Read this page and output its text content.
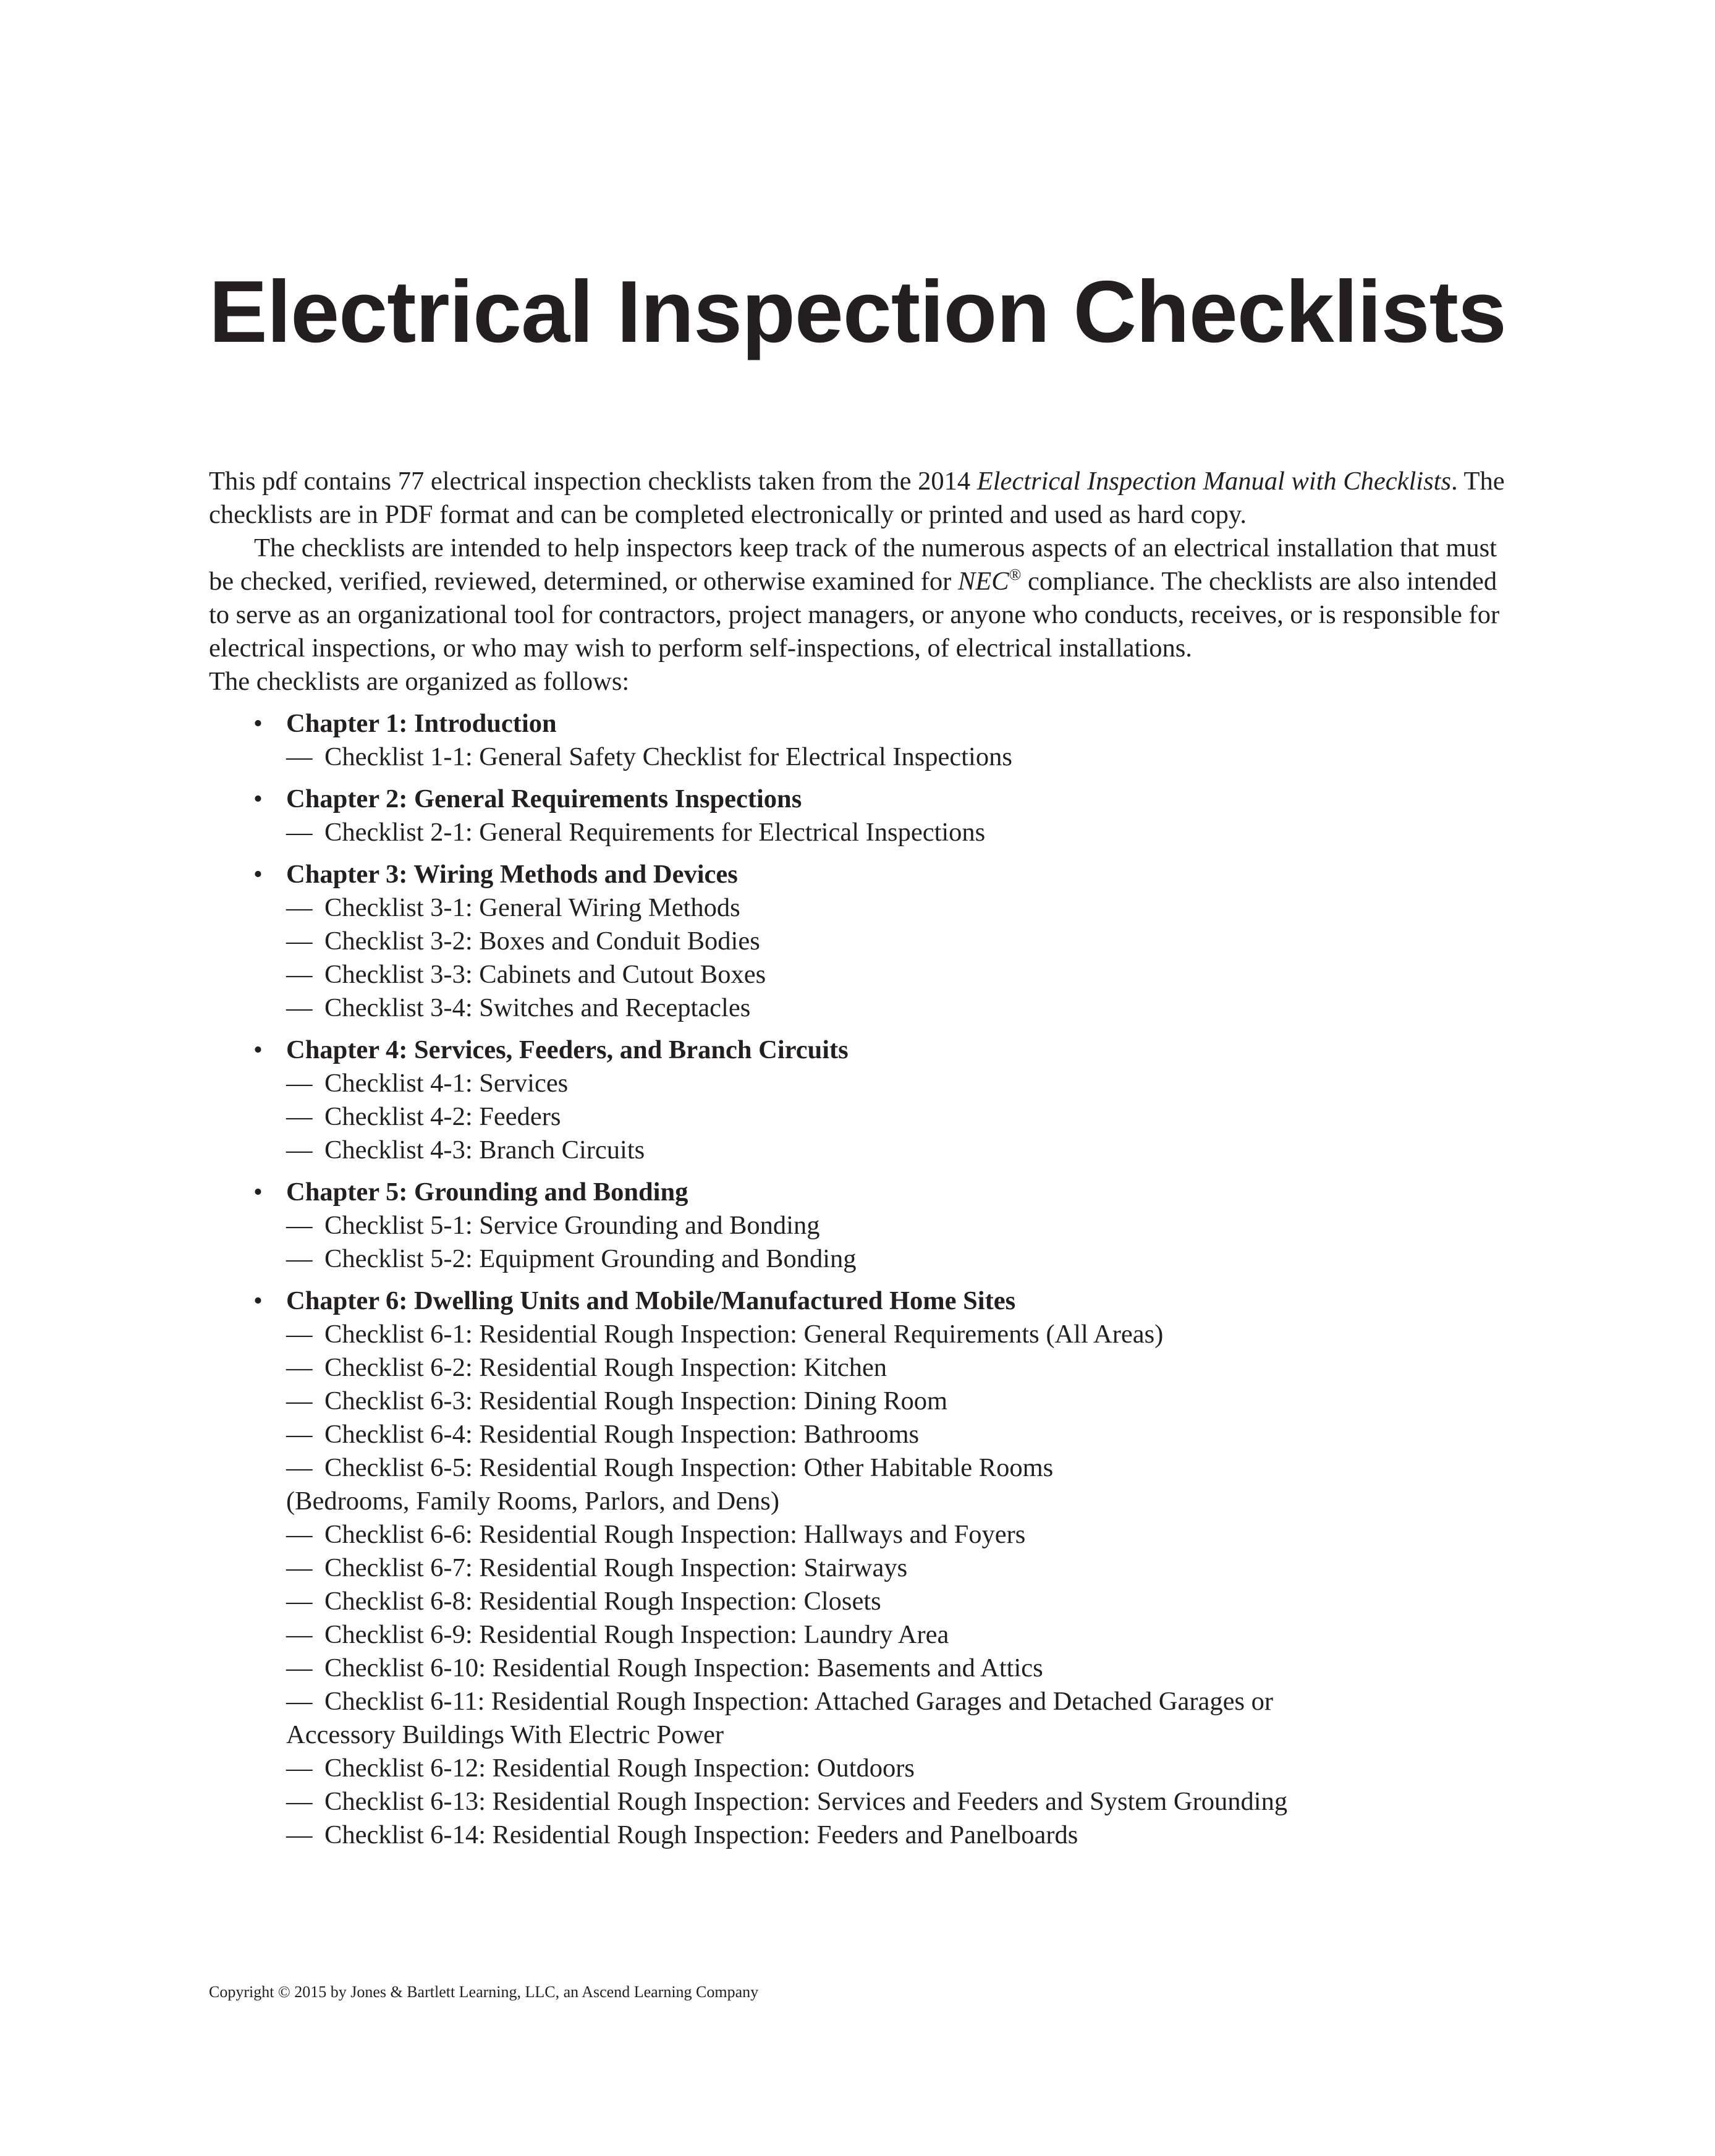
Electrical Inspection Checklists

This pdf contains 77 electrical inspection checklists taken from the 2014 Electrical Inspection Manual with Checklists. The checklists are in PDF format and can be completed electronically or printed and used as hard copy.

The checklists are intended to help inspectors keep track of the numerous aspects of an electrical installation that must be checked, verified, reviewed, determined, or otherwise examined for NEC® compliance. The checklists are also intended to serve as an organizational tool for contractors, project managers, or anyone who conducts, receives, or is responsible for electrical inspections, or who may wish to perform self-inspections, of electrical installations.

The checklists are organized as follows:

• Chapter 1: Introduction
— Checklist 1-1: General Safety Checklist for Electrical Inspections
• Chapter 2: General Requirements Inspections
— Checklist 2-1: General Requirements for Electrical Inspections
• Chapter 3: Wiring Methods and Devices
— Checklist 3-1: General Wiring Methods
— Checklist 3-2: Boxes and Conduit Bodies
— Checklist 3-3: Cabinets and Cutout Boxes
— Checklist 3-4: Switches and Receptacles
• Chapter 4: Services, Feeders, and Branch Circuits
— Checklist 4-1: Services
— Checklist 4-2: Feeders
— Checklist 4-3: Branch Circuits
• Chapter 5: Grounding and Bonding
— Checklist 5-1: Service Grounding and Bonding
— Checklist 5-2: Equipment Grounding and Bonding
• Chapter 6: Dwelling Units and Mobile/Manufactured Home Sites
— Checklist 6-1: Residential Rough Inspection: General Requirements (All Areas)
— Checklist 6-2: Residential Rough Inspection: Kitchen
— Checklist 6-3: Residential Rough Inspection: Dining Room
— Checklist 6-4: Residential Rough Inspection: Bathrooms
— Checklist 6-5: Residential Rough Inspection: Other Habitable Rooms
(Bedrooms, Family Rooms, Parlors, and Dens)
— Checklist 6-6: Residential Rough Inspection: Hallways and Foyers
— Checklist 6-7: Residential Rough Inspection: Stairways
— Checklist 6-8: Residential Rough Inspection: Closets
— Checklist 6-9: Residential Rough Inspection: Laundry Area
— Checklist 6-10: Residential Rough Inspection: Basements and Attics
— Checklist 6-11: Residential Rough Inspection: Attached Garages and Detached Garages or
Accessory Buildings With Electric Power
— Checklist 6-12: Residential Rough Inspection: Outdoors
— Checklist 6-13: Residential Rough Inspection: Services and Feeders and System Grounding
— Checklist 6-14: Residential Rough Inspection: Feeders and Panelboards
Copyright © 2015 by Jones & Bartlett Learning, LLC, an Ascend Learning Company
